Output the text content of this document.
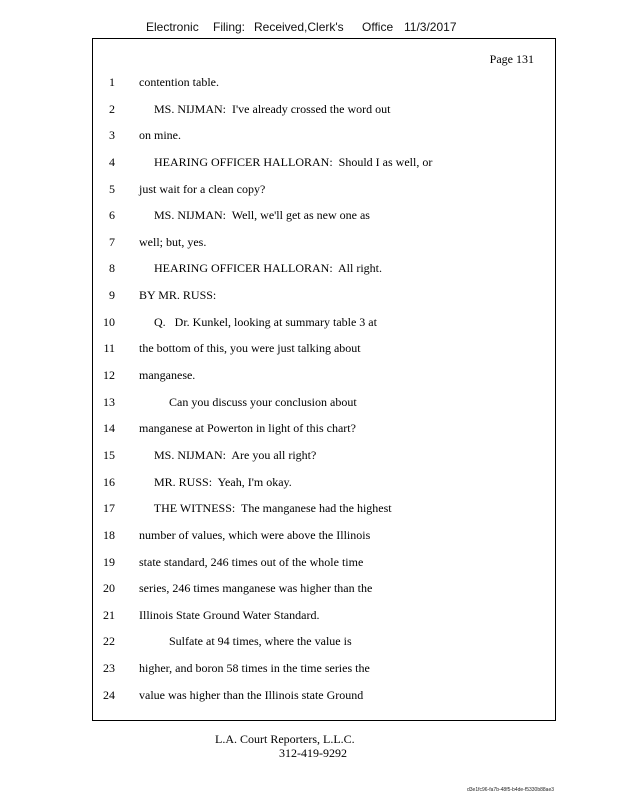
Electronic Filing: Received,Clerk's Office 11/3/2017
Page 131
1 contention table.
2 MS. NIJMAN:  I've already crossed the word out
3 on mine.
4 HEARING OFFICER HALLORAN:  Should I as well, or
5 just wait for a clean copy?
6 MS. NIJMAN:  Well, we'll get as new one as
7 well; but, yes.
8 HEARING OFFICER HALLORAN:  All right.
9 BY MR. RUSS:
10 Q.   Dr. Kunkel, looking at summary table 3 at
11 the bottom of this, you were just talking about
12 manganese.
13 Can you discuss your conclusion about
14 manganese at Powerton in light of this chart?
15 MS. NIJMAN:  Are you all right?
16 MR. RUSS:  Yeah, I'm okay.
17 THE WITNESS:  The manganese had the highest
18 number of values, which were above the Illinois
19 state standard, 246 times out of the whole time
20 series, 246 times manganese was higher than the
21 Illinois State Ground Water Standard.
22 Sulfate at 94 times, where the value is
23 higher, and boron 58 times in the time series the
24 value was higher than the Illinois state Ground
L.A. Court Reporters, L.L.C.
312-419-9292
d3e1fc96-fa7b-48f5-b4de-f5330b88ae3
